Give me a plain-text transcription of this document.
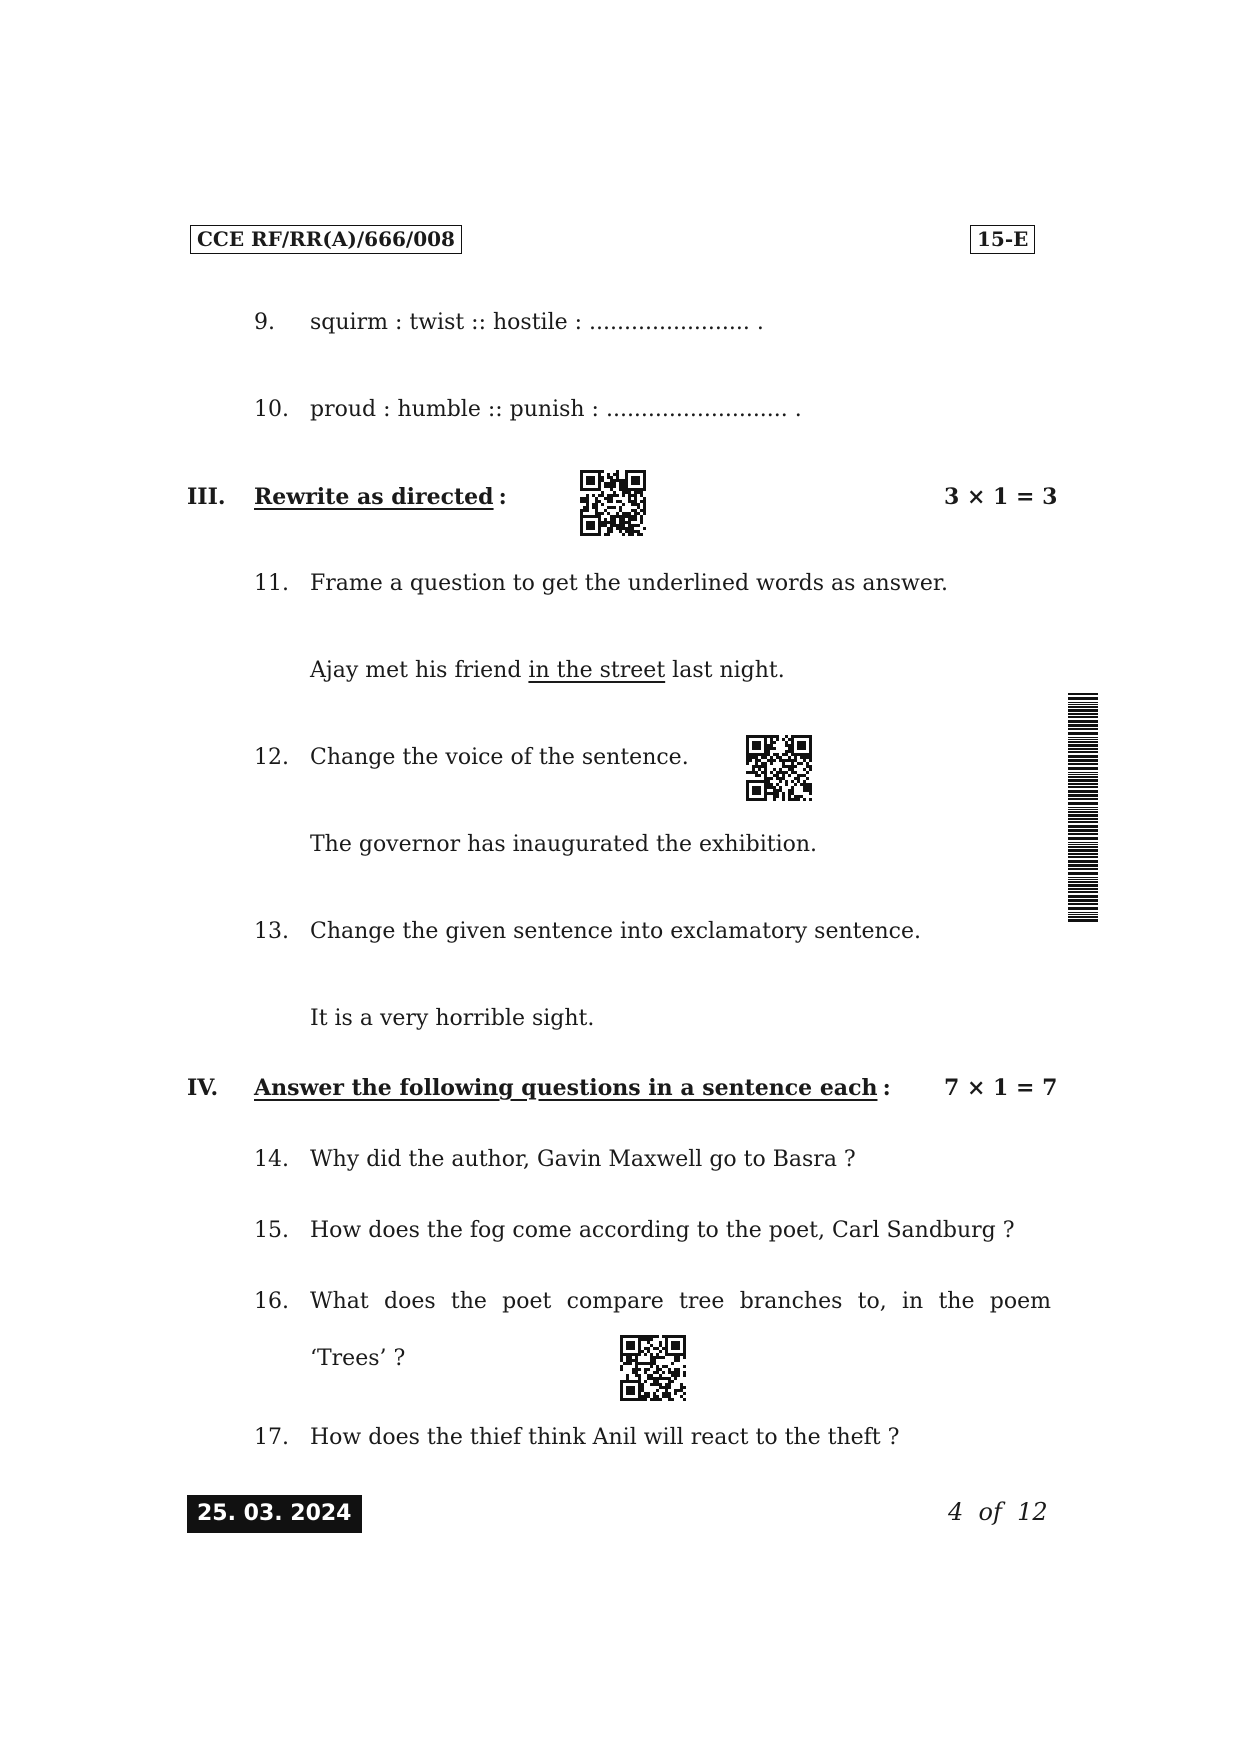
CCE RF/RR(A)/666/008	15-E
9. squirm : twist :: hostile : ....................... .
10. proud : humble :: punish : .......................... .
III. Rewrite as directed :	3 × 1 = 3
11. Frame a question to get the underlined words as answer.
Ajay met his friend in the street last night.
12. Change the voice of the sentence.
The governor has inaugurated the exhibition.
13. Change the given sentence into exclamatory sentence.
It is a very horrible sight.
IV. Answer the following questions in a sentence each : 7 × 1 = 7
14. Why did the author, Gavin Maxwell go to Basra ?
15. How does the fog come according to the poet, Carl Sandburg ?
16. What does the poet compare tree branches to, in the poem
‘Trees’ ?
17. How does the thief think Anil will react to the theft ?
25. 03. 2024	4 of 12
